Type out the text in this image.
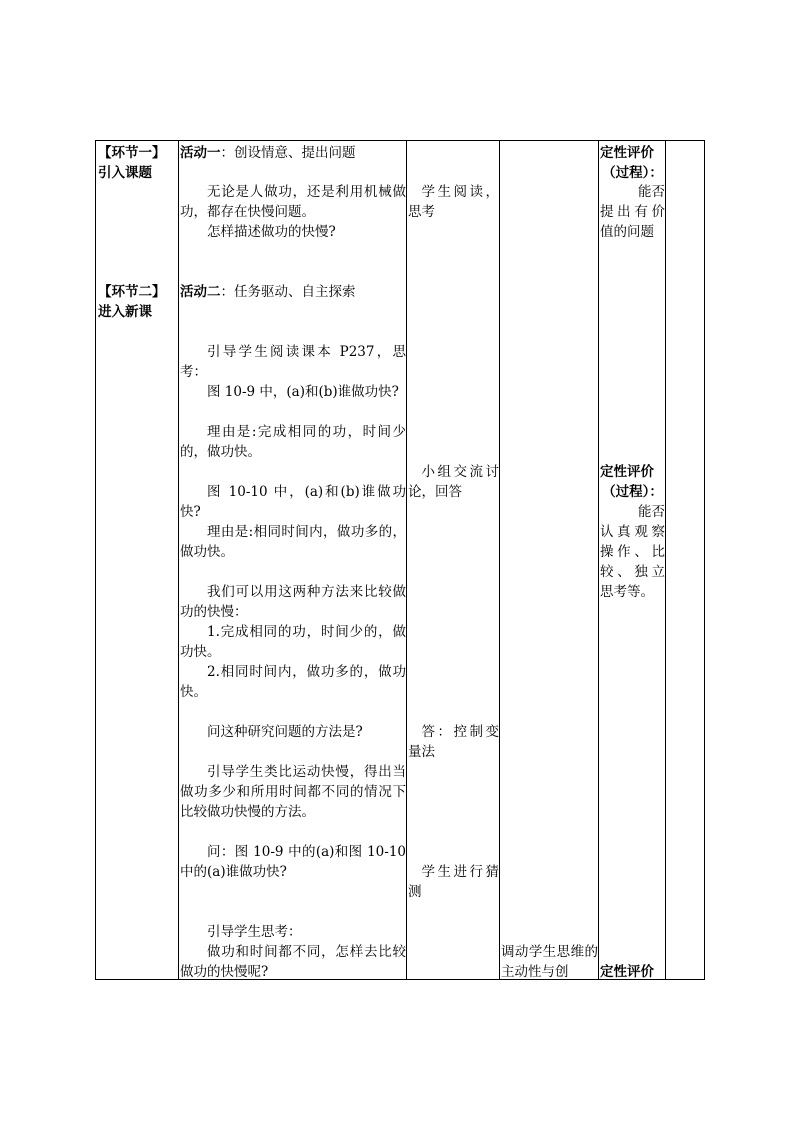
【环节一】
引入课题
【环节二】
进入新课
活动一：创设情意、提出问题
无论是人做功，还是利用机械做功，都存在快慢问题。
怎样描述做功的快慢?
活动二：任务驱动、自主探索
引导学生阅读课本 P237，思考：
图 10-9 中，(a)和(b)谁做功快?
理由是:完成相同的功，时间少的，做功快。
图 10-10 中，(a)和(b)谁做功快?
理由是:相同时间内，做功多的，做功快。
我们可以用这两种方法来比较做功的快慢：
1.完成相同的功，时间少的，做功快。
2.相同时间内，做功多的，做功快。
问这种研究问题的方法是?
引导学生类比运动快慢，得出当做功多少和所用时间都不同的情况下比较做功快慢的方法。
问：图 10-9 中的(a)和图 10-10 中的(a)谁做功快?
引导学生思考：
做功和时间都不同，怎样去比较做功的快慢呢?
学生阅读，思考
小组交流讨论，回答
答：控制变量法
学生进行猜测
调动学生思维的主动性与创
定性评价
（过程）：
能否
提出有价值的问题
定性评价
（过程）：
能否
认真观察操作、比较、独立思考等。
定性评价
